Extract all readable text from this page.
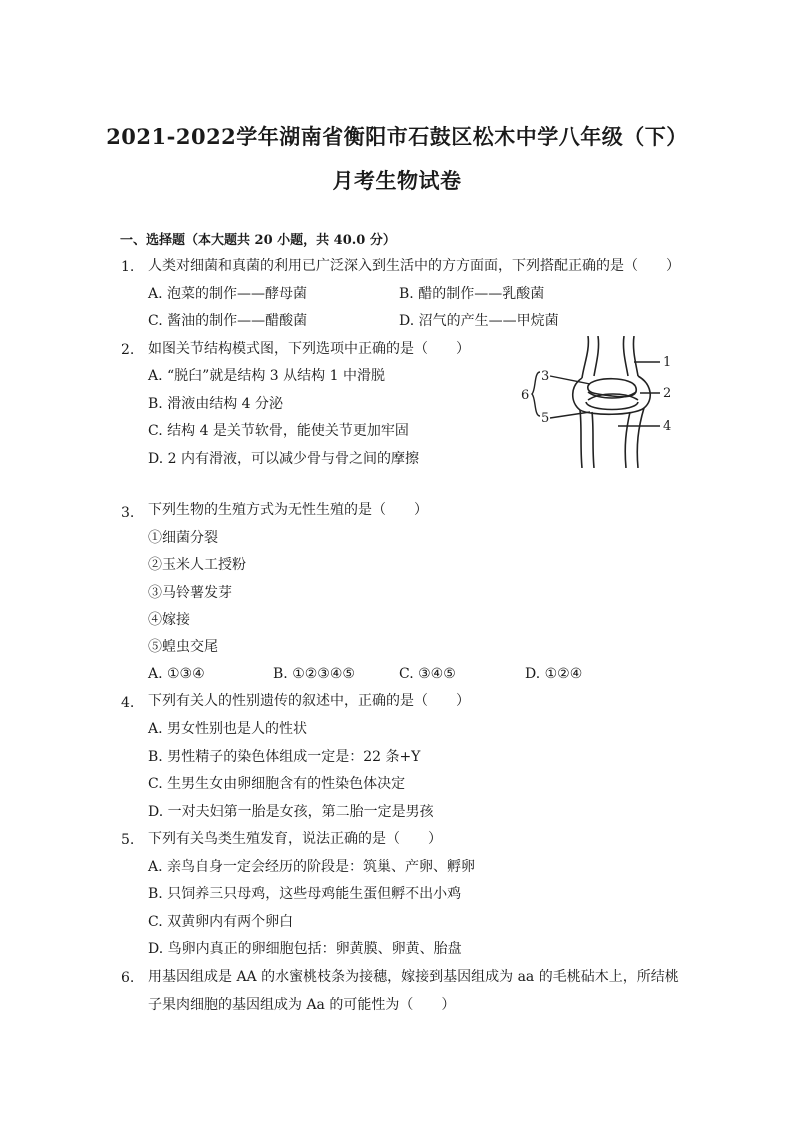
2021-2022学年湖南省衡阳市石鼓区松木中学八年级（下）
月考生物试卷
一、选择题（本大题共 20 小题，共 40.0 分）
1. 人类对细菌和真菌的利用已广泛深入到生活中的方方面面，下列搭配正确的是（　　）
A. 泡菜的制作——酵母菌	B. 醋的制作——乳酸菌
C. 酱油的制作——醋酸菌	D. 沼气的产生——甲烷菌
2. 如图关节结构模式图，下列选项中正确的是（　　）
A. “脱臼”就是结构 3 从结构 1 中滑脱
B. 滑液由结构 4 分泌
C. 结构 4 是关节软骨，能使关节更加牢固
D. 2 内有滑液，可以减少骨与骨之间的摩擦
1
2
3
4
5
6
3. 下列生物的生殖方式为无性生殖的是（　　）
①细菌分裂
②玉米人工授粉
③马铃薯发芽
④嫁接
⑤蝗虫交尾
A. ①③④	B. ①②③④⑤	C. ③④⑤	D. ①②④
4. 下列有关人的性别遗传的叙述中，正确的是（　　）
A. 男女性别也是人的性状
B. 男性精子的染色体组成一定是：22 条+Y
C. 生男生女由卵细胞含有的性染色体决定
D. 一对夫妇第一胎是女孩，第二胎一定是男孩
5. 下列有关鸟类生殖发育，说法正确的是（　　）
A. 亲鸟自身一定会经历的阶段是：筑巢、产卵、孵卵
B. 只饲养三只母鸡，这些母鸡能生蛋但孵不出小鸡
C. 双黄卵内有两个卵白
D. 鸟卵内真正的卵细胞包括：卵黄膜、卵黄、胎盘
6. 用基因组成是 AA 的水蜜桃枝条为接穗，嫁接到基因组成为 aa 的毛桃砧木上，所结桃
子果肉细胞的基因组成为 Aa 的可能性为（　　）
